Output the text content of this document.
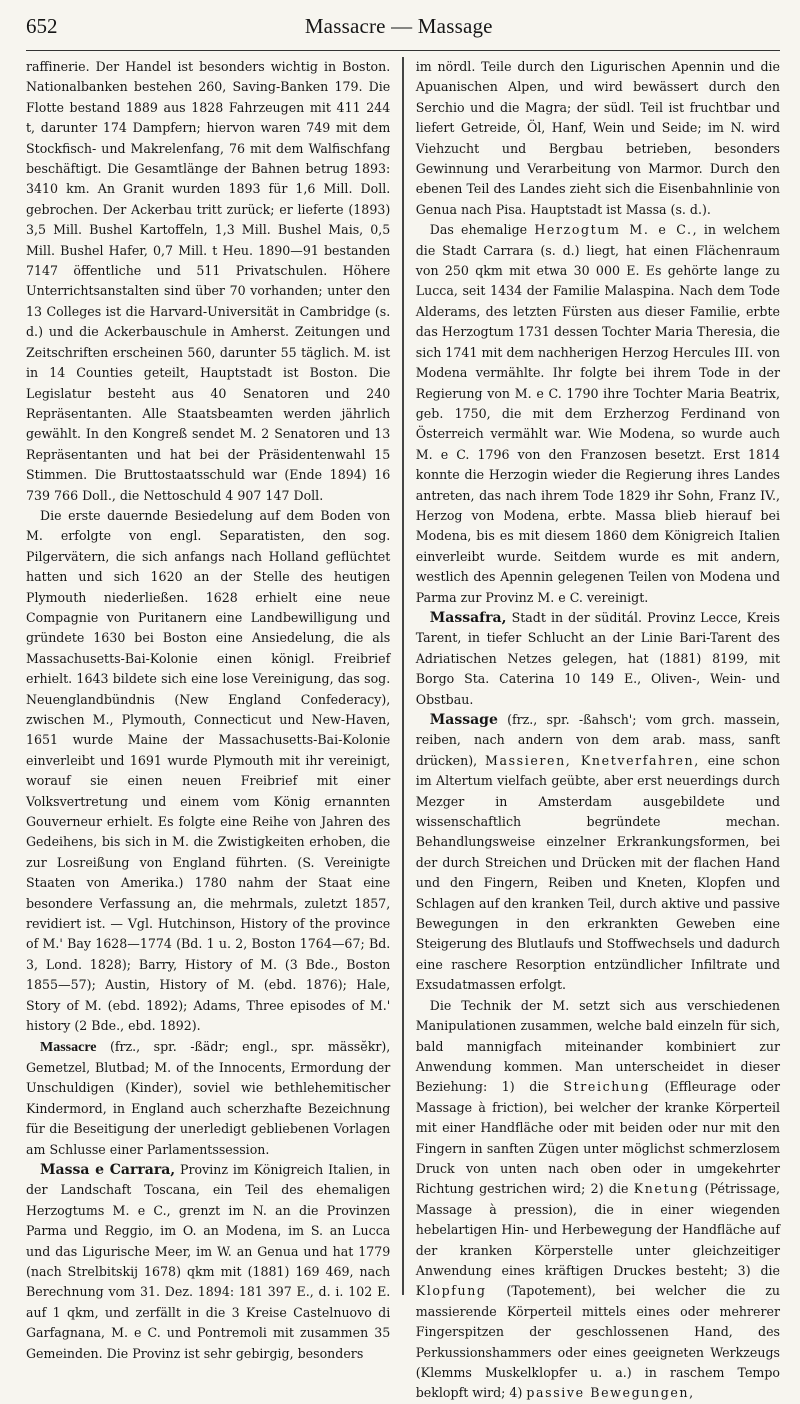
652	Massacre — Massage

raffinerie. Der Handel ist besonders wichtig in Boston. Nationalbanken bestehen 260, Saving-Banken 179. Die Flotte bestand 1889 aus 1828 Fahrzeugen mit 411 244 t, darunter 174 Dampfern; hiervon waren 749 mit dem Stockfisch- und Makrelenfang, 76 mit dem Walfischfang beschäftigt. Die Gesamtlänge der Bahnen betrug 1893: 3410 km. An Granit wurden 1893 für 1,6 Mill. Doll. gebrochen. Der Ackerbau tritt zurück; er lieferte (1893) 3,5 Mill. Bushel Kartoffeln, 1,3 Mill. Bushel Mais, 0,5 Mill. Bushel Hafer, 0,7 Mill. t Heu. 1890—91 bestanden 7147 öffentliche und 511 Privatschulen. Höhere Unterrichtsanstalten sind über 70 vorhanden; unter den 13 Colleges ist die Harvard-Universität in Cambridge (s. d.) und die Ackerbauschule in Amherst. Zeitungen und Zeitschriften erscheinen 560, darunter 55 täglich. M. ist in 14 Counties geteilt, Hauptstadt ist Boston. Die Legislatur besteht aus 40 Senatoren und 240 Repräsentanten. Alle Staatsbeamten werden jährlich gewählt. In den Kongreß sendet M. 2 Senatoren und 13 Repräsentanten und hat bei der Präsidentenwahl 15 Stimmen. Die Bruttostaatsschuld war (Ende 1894) 16 739 766 Doll., die Nettoschuld 4 907 147 Doll.

Die erste dauernde Besiedelung auf dem Boden von M. erfolgte von engl. Separatisten, den sog. Pilgervätern, die sich anfangs nach Holland geflüchtet hatten und sich 1620 an der Stelle des heutigen Plymouth niederließen. 1628 erhielt eine neue Compagnie von Puritanern eine Landbewilligung und gründete 1630 bei Boston eine Ansiedelung, die als Massachusetts-Bai-Kolonie einen königl. Freibrief erhielt. 1643 bildete sich eine lose Vereinigung, das sog. Neuenglandbündnis (New England Confederacy), zwischen M., Plymouth, Connecticut und New-Haven, 1651 wurde Maine der Massachusetts-Bai-Kolonie einverleibt und 1691 wurde Plymouth mit ihr vereinigt, worauf sie einen neuen Freibrief mit einer Volksvertretung und einem vom König ernannten Gouverneur erhielt. Es folgte eine Reihe von Jahren des Gedeihens, bis sich in M. die Zwistigkeiten erhoben, die zur Losreißung von England führten. (S. Vereinigte Staaten von Amerika.) 1780 nahm der Staat eine besondere Verfassung an, die mehrmals, zuletzt 1857, revidiert ist. — Vgl. Hutchinson, History of the province of M.' Bay 1628—1774 (Bd. 1 u. 2, Boston 1764—67; Bd. 3, Lond. 1828); Barry, History of M. (3 Bde., Boston 1855—57); Austin, History of M. (ebd. 1876); Hale, Story of M. (ebd. 1892); Adams, Three episodes of M.' history (2 Bde., ebd. 1892).

Massacre (frz., spr. -ßädr; engl., spr. mässĕkr), Gemetzel, Blutbad; M. of the Innocents, Ermordung der Unschuldigen (Kinder), soviel wie bethlehemitischer Kindermord, in England auch scherzhafte Bezeichnung für die Beseitigung der unerledigt gebliebenen Vorlagen am Schlusse einer Parlamentssession.

Massa e Carrara, Provinz im Königreich Italien, in der Landschaft Toscana, ein Teil des ehemaligen Herzogtums M. e C., grenzt im N. an die Provinzen Parma und Reggio, im O. an Modena, im S. an Lucca und das Ligurische Meer, im W. an Genua und hat 1779 (nach Strelbitskij 1678) qkm mit (1881) 169 469, nach Berechnung vom 31. Dez. 1894: 181 397 E., d. i. 102 E. auf 1 qkm, und zerfällt in die 3 Kreise Castelnuovo di Garfagnana, M. e C. und Pontremoli mit zusammen 35 Gemeinden. Die Provinz ist sehr gebirgig, besonders

im nördl. Teile durch den Ligurischen Apennin und die Apuanischen Alpen, und wird bewässert durch den Serchio und die Magra; der südl. Teil ist fruchtbar und liefert Getreide, Öl, Hanf, Wein und Seide; im N. wird Viehzucht und Bergbau betrieben, besonders Gewinnung und Verarbeitung von Marmor. Durch den ebenen Teil des Landes zieht sich die Eisenbahnlinie von Genua nach Pisa. Hauptstadt ist Massa (s. d.).

Das ehemalige Herzogtum M. e C., in welchem die Stadt Carrara (s. d.) liegt, hat einen Flächenraum von 250 qkm mit etwa 30 000 E. Es gehörte lange zu Lucca, seit 1434 der Familie Malaspina. Nach dem Tode Alderams, des letzten Fürsten aus dieser Familie, erbte das Herzogtum 1731 dessen Tochter Maria Theresia, die sich 1741 mit dem nachherigen Herzog Hercules III. von Modena vermählte. Ihr folgte bei ihrem Tode in der Regierung von M. e C. 1790 ihre Tochter Maria Beatrix, geb. 1750, die mit dem Erzherzog Ferdinand von Österreich vermählt war. Wie Modena, so wurde auch M. e C. 1796 von den Franzosen besetzt. Erst 1814 konnte die Herzogin wieder die Regierung ihres Landes antreten, das nach ihrem Tode 1829 ihr Sohn, Franz IV., Herzog von Modena, erbte. Massa blieb hierauf bei Modena, bis es mit diesem 1860 dem Königreich Italien einverleibt wurde. Seitdem wurde es mit andern, westlich des Apennin gelegenen Teilen von Modena und Parma zur Provinz M. e C. vereinigt.

Massafra, Stadt in der süditál. Provinz Lecce, Kreis Tarent, in tiefer Schlucht an der Linie Bari-Tarent des Adriatischen Netzes gelegen, hat (1881) 8199, mit Borgo Sta. Caterina 10 149 E., Oliven-, Wein- und Obstbau.

Massage (frz., spr. -ßahsch'; vom grch. massein, reiben, nach andern von dem arab. mass, sanft drücken), Massieren, Knetverfahren, eine schon im Altertum vielfach geübte, aber erst neuerdings durch Mezger in Amsterdam ausgebildete und wissenschaftlich begründete mechan. Behandlungsweise einzelner Erkrankungsformen, bei der durch Streichen und Drücken mit der flachen Hand und den Fingern, Reiben und Kneten, Klopfen und Schlagen auf den kranken Teil, durch aktive und passive Bewegungen in den erkrankten Geweben eine Steigerung des Blutlaufs und Stoffwechsels und dadurch eine raschere Resorption entzündlicher Infiltrate und Exsudatmassen erfolgt.

Die Technik der M. setzt sich aus verschiedenen Manipulationen zusammen, welche bald einzeln für sich, bald mannigfach miteinander kombiniert zur Anwendung kommen. Man unterscheidet in dieser Beziehung: 1) die Streichung (Effleurage oder Massage à friction), bei welcher der kranke Körperteil mit einer Handfläche oder mit beiden oder nur mit den Fingern in sanften Zügen unter möglichst schmerzlosem Druck von unten nach oben oder in umgekehrter Richtung gestrichen wird; 2) die Knetung (Pétrissage, Massage à pression), die in einer wiegenden hebelartigen Hin- und Herbewegung der Handfläche auf der kranken Körperstelle unter gleichzeitiger Anwendung eines kräftigen Druckes besteht; 3) die Klopfung (Tapotement), bei welcher die zu massierende Körperteil mittels eines oder mehrerer Fingerspitzen der geschlossenen Hand, des Perkussionshammers oder eines geeigneten Werkzeugs (Klemms Muskelklopfer u. a.) in raschem Tempo beklopft wird; 4) passive Bewegungen,
